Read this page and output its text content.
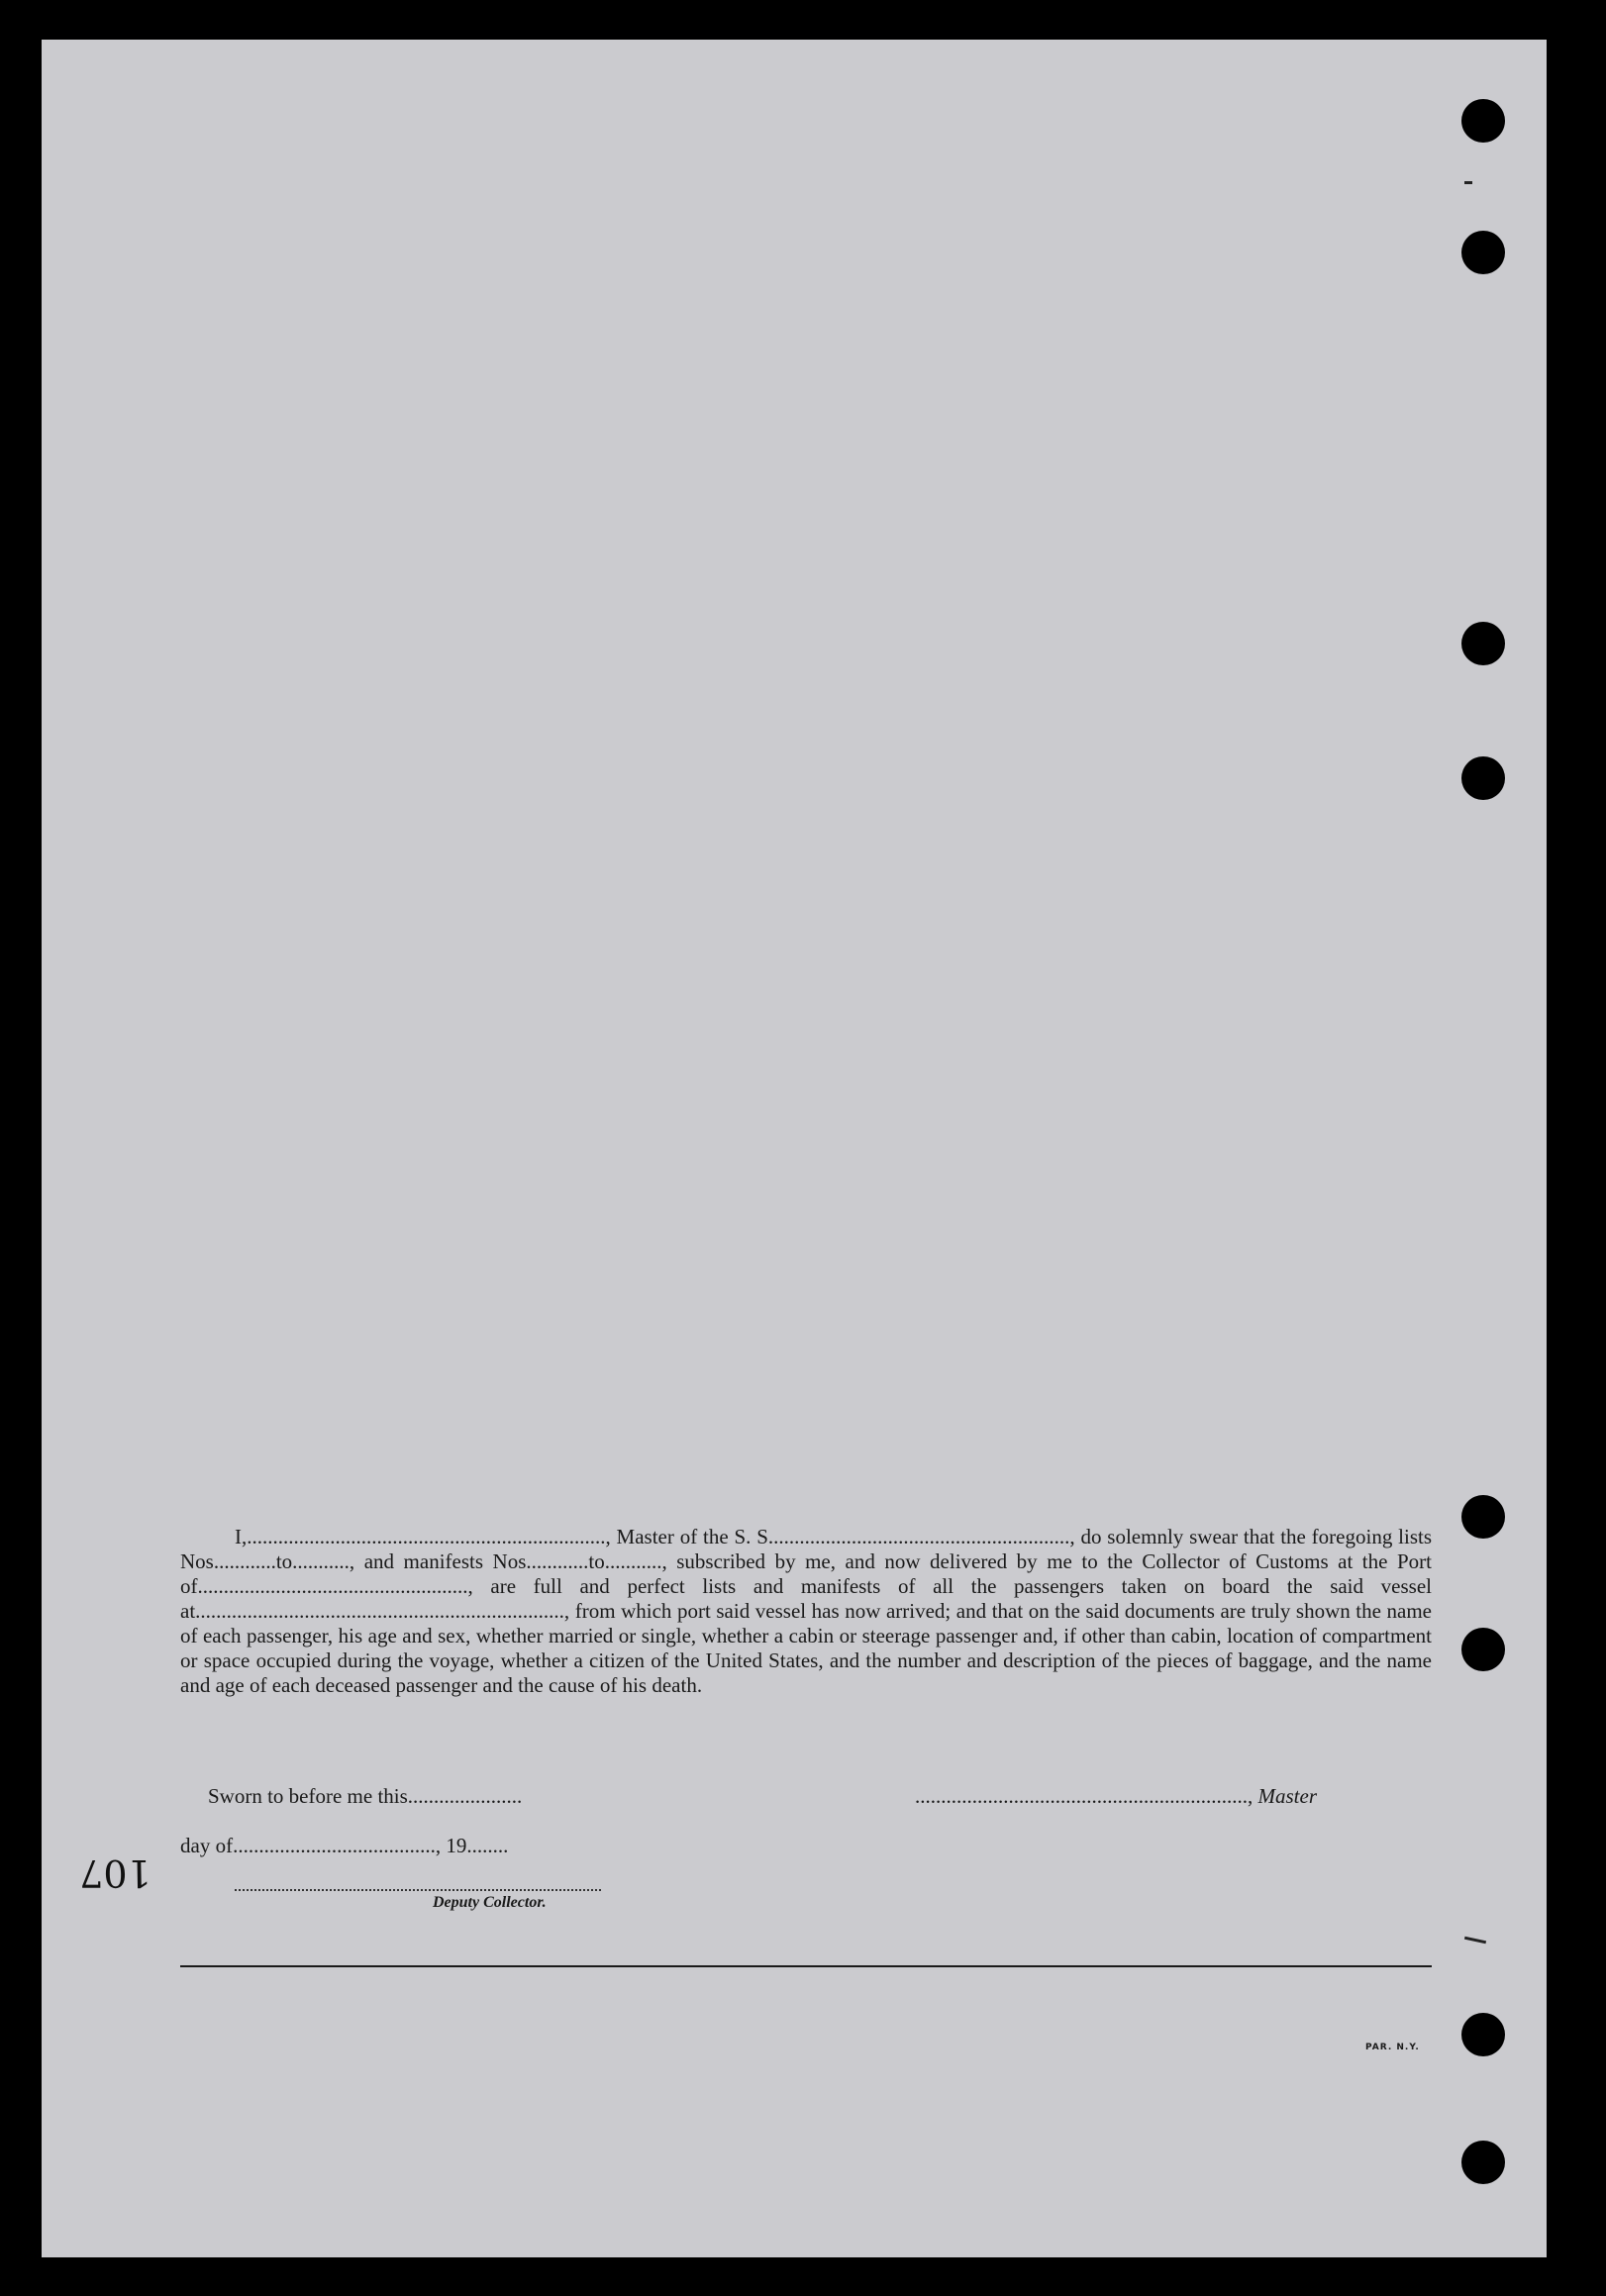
I,....................................................................., Master of the S. S.........................................................., do solemnly swear that the foregoing lists Nos............to..........., and manifests Nos............to..........., subscribed by me, and now delivered by me to the Collector of Customs at the Port of...................................................., are full and perfect lists and manifests of all the passengers taken on board the said vessel at......................................................................., from which port said vessel has now arrived; and that on the said documents are truly shown the name of each passenger, his age and sex, whether married or single, whether a cabin or steerage passenger and, if other than cabin, location of compartment or space occupied during the voyage, whether a citizen of the United States, and the number and description of the pieces of baggage, and the name and age of each deceased passenger and the cause of his death.

Sworn to before me this......................	................................................................, Master

day of......................................., 19........

Deputy Collector.

PAR. N.Y.

107
